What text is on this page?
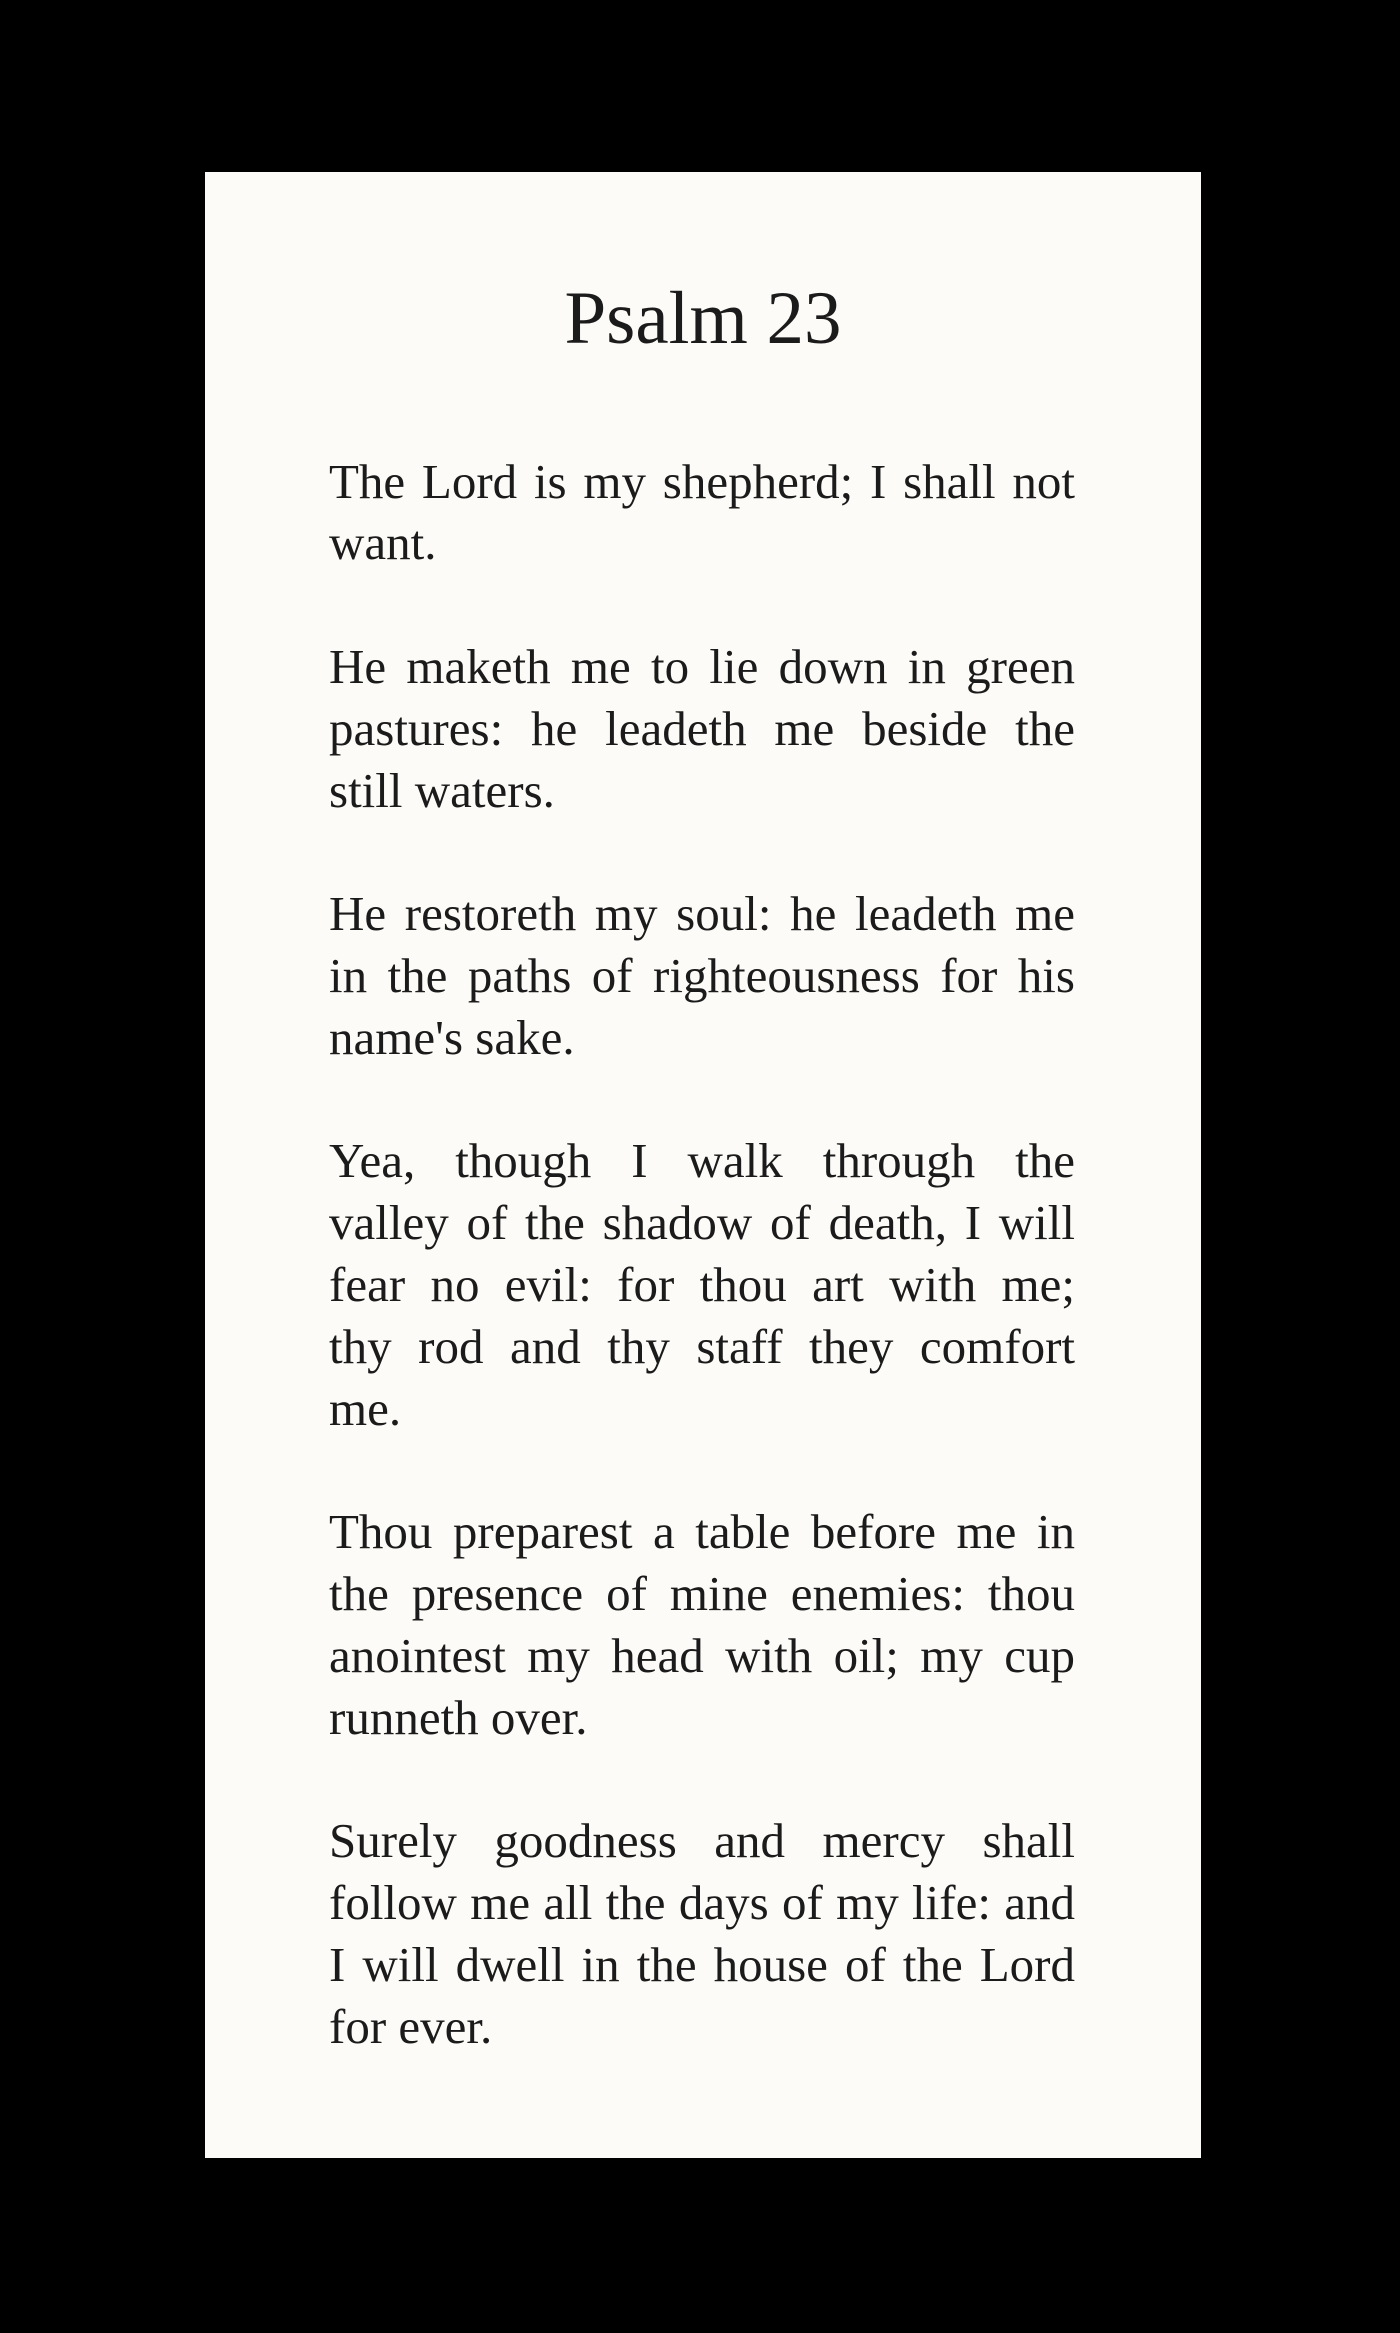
Psalm 23

The Lord is my shepherd; I shall not
want.

He maketh me to lie down in green
pastures: he leadeth me beside the
still waters.

He restoreth my soul: he leadeth me
in the paths of righteousness for his
name's sake.

Yea, though I walk through the
valley of the shadow of death, I will
fear no evil: for thou art with me;
thy rod and thy staff they comfort
me.

Thou preparest a table before me in
the presence of mine enemies: thou
anointest my head with oil; my cup
runneth over.

Surely goodness and mercy shall
follow me all the days of my life: and
I will dwell in the house of the Lord
for ever.
